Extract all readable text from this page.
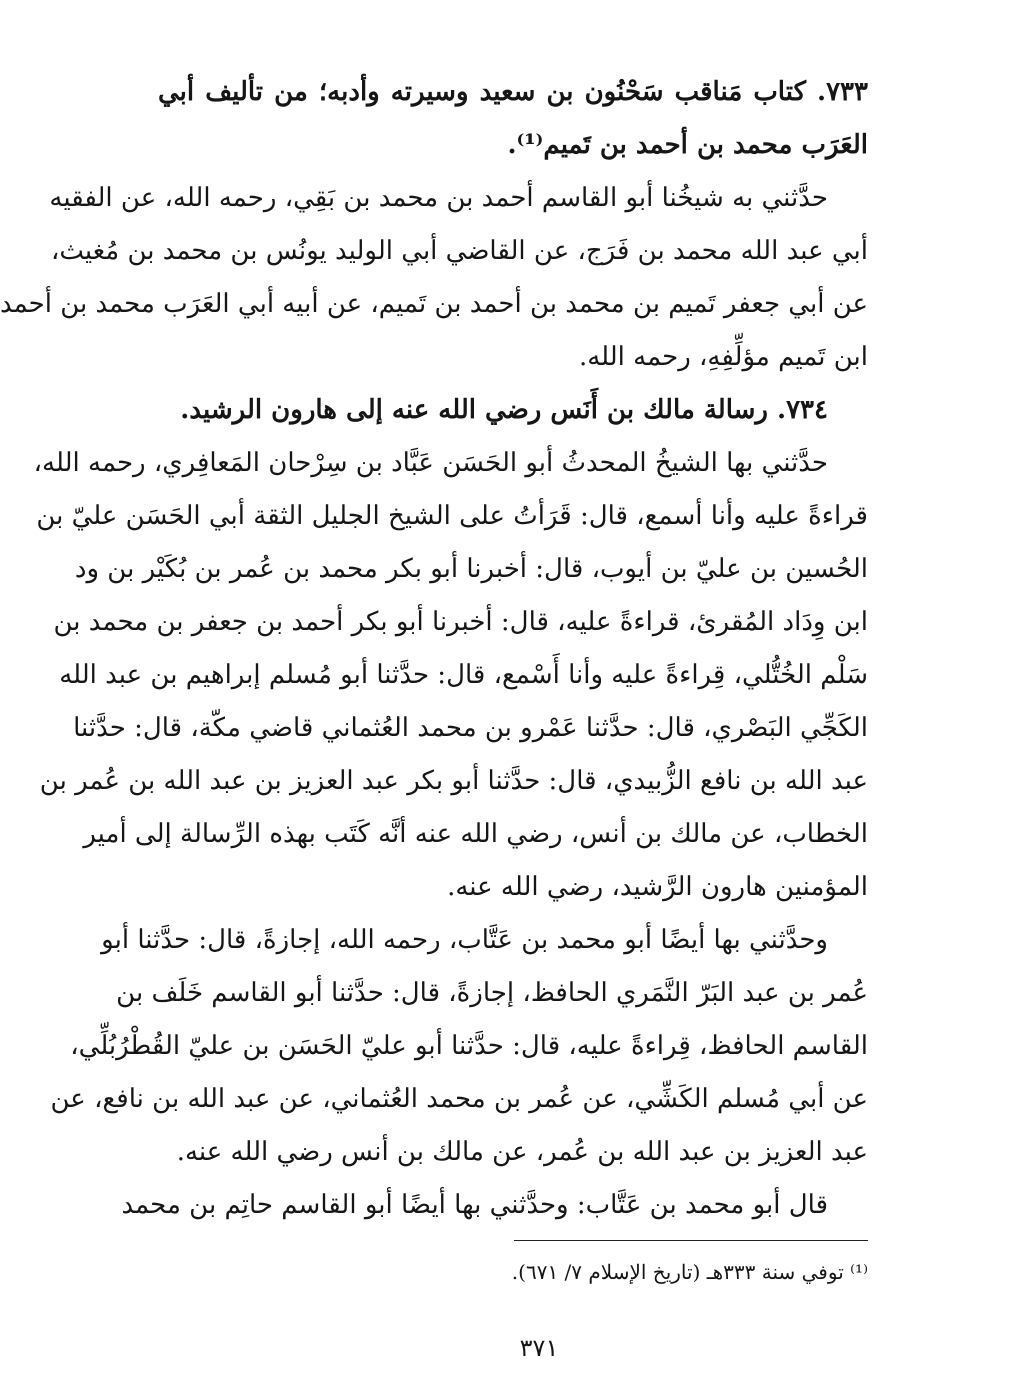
٧٣٣. كتاب مَناقب سَحْنُون بن سعيد وسيرته وأدبه؛ من تأليف أبي
العَرَب محمد بن أحمد بن تَميم⁽¹⁾.
حدَّثني به شيخُنا أبو القاسم أحمد بن محمد بن بَقِي، رحمه الله، عن الفقيه
أبي عبد الله محمد بن فَرَج، عن القاضي أبي الوليد يونُس بن محمد بن مُغيث،
عن أبي جعفر تَميم بن محمد بن أحمد بن تَميم، عن أبيه أبي العَرَب محمد بن أحمد
ابن تَميم مؤلِّفِهِ، رحمه الله.
٧٣٤. رسالة مالك بن أَنَس رضي الله عنه إلى هارون الرشيد.
حدَّثني بها الشيخُ المحدثُ أبو الحَسَن عَبَّاد بن سِرْحان المَعافِري، رحمه الله،
قراءةً عليه وأنا أسمع، قال: قَرَأتُ على الشيخ الجليل الثقة أبي الحَسَن عليّ بن
الحُسين بن عليّ بن أيوب، قال: أخبرنا أبو بكر محمد بن عُمر بن بُكَيْر بن ود
ابن وِدَاد المُقرئ، قراءةً عليه، قال: أخبرنا أبو بكر أحمد بن جعفر بن محمد بن
سَلْم الخُتُّلي، قِراءةً عليه وأنا أَسْمع، قال: حدَّثنا أبو مُسلم إبراهيم بن عبد الله
الكَجِّي البَصْري، قال: حدَّثنا عَمْرو بن محمد العُثماني قاضي مكّة، قال: حدَّثنا
عبد الله بن نافع الزُّبيدي، قال: حدَّثنا أبو بكر عبد العزيز بن عبد الله بن عُمر بن
الخطاب، عن مالك بن أنس، رضي الله عنه أنَّه كَتَب بهذه الرِّسالة إلى أمير
المؤمنين هارون الرَّشيد، رضي الله عنه.
وحدَّثني بها أيضًا أبو محمد بن عَتَّاب، رحمه الله، إجازةً، قال: حدَّثنا أبو
عُمر بن عبد البَرّ النَّمَري الحافظ، إجازةً، قال: حدَّثنا أبو القاسم خَلَف بن
القاسم الحافظ، قِراءةً عليه، قال: حدَّثنا أبو عليّ الحَسَن بن عليّ القُطْرُبُلِّي،
عن أبي مُسلم الكَشِّي، عن عُمر بن محمد العُثماني، عن عبد الله بن نافع، عن
عبد العزيز بن عبد الله بن عُمر، عن مالك بن أنس رضي الله عنه.
قال أبو محمد بن عَتَّاب: وحدَّثني بها أيضًا أبو القاسم حاتِم بن محمد
⁽¹⁾ توفي سنة ٣٣٣هـ (تاريخ الإسلام ٧/ ٦٧١).
٣٧١
